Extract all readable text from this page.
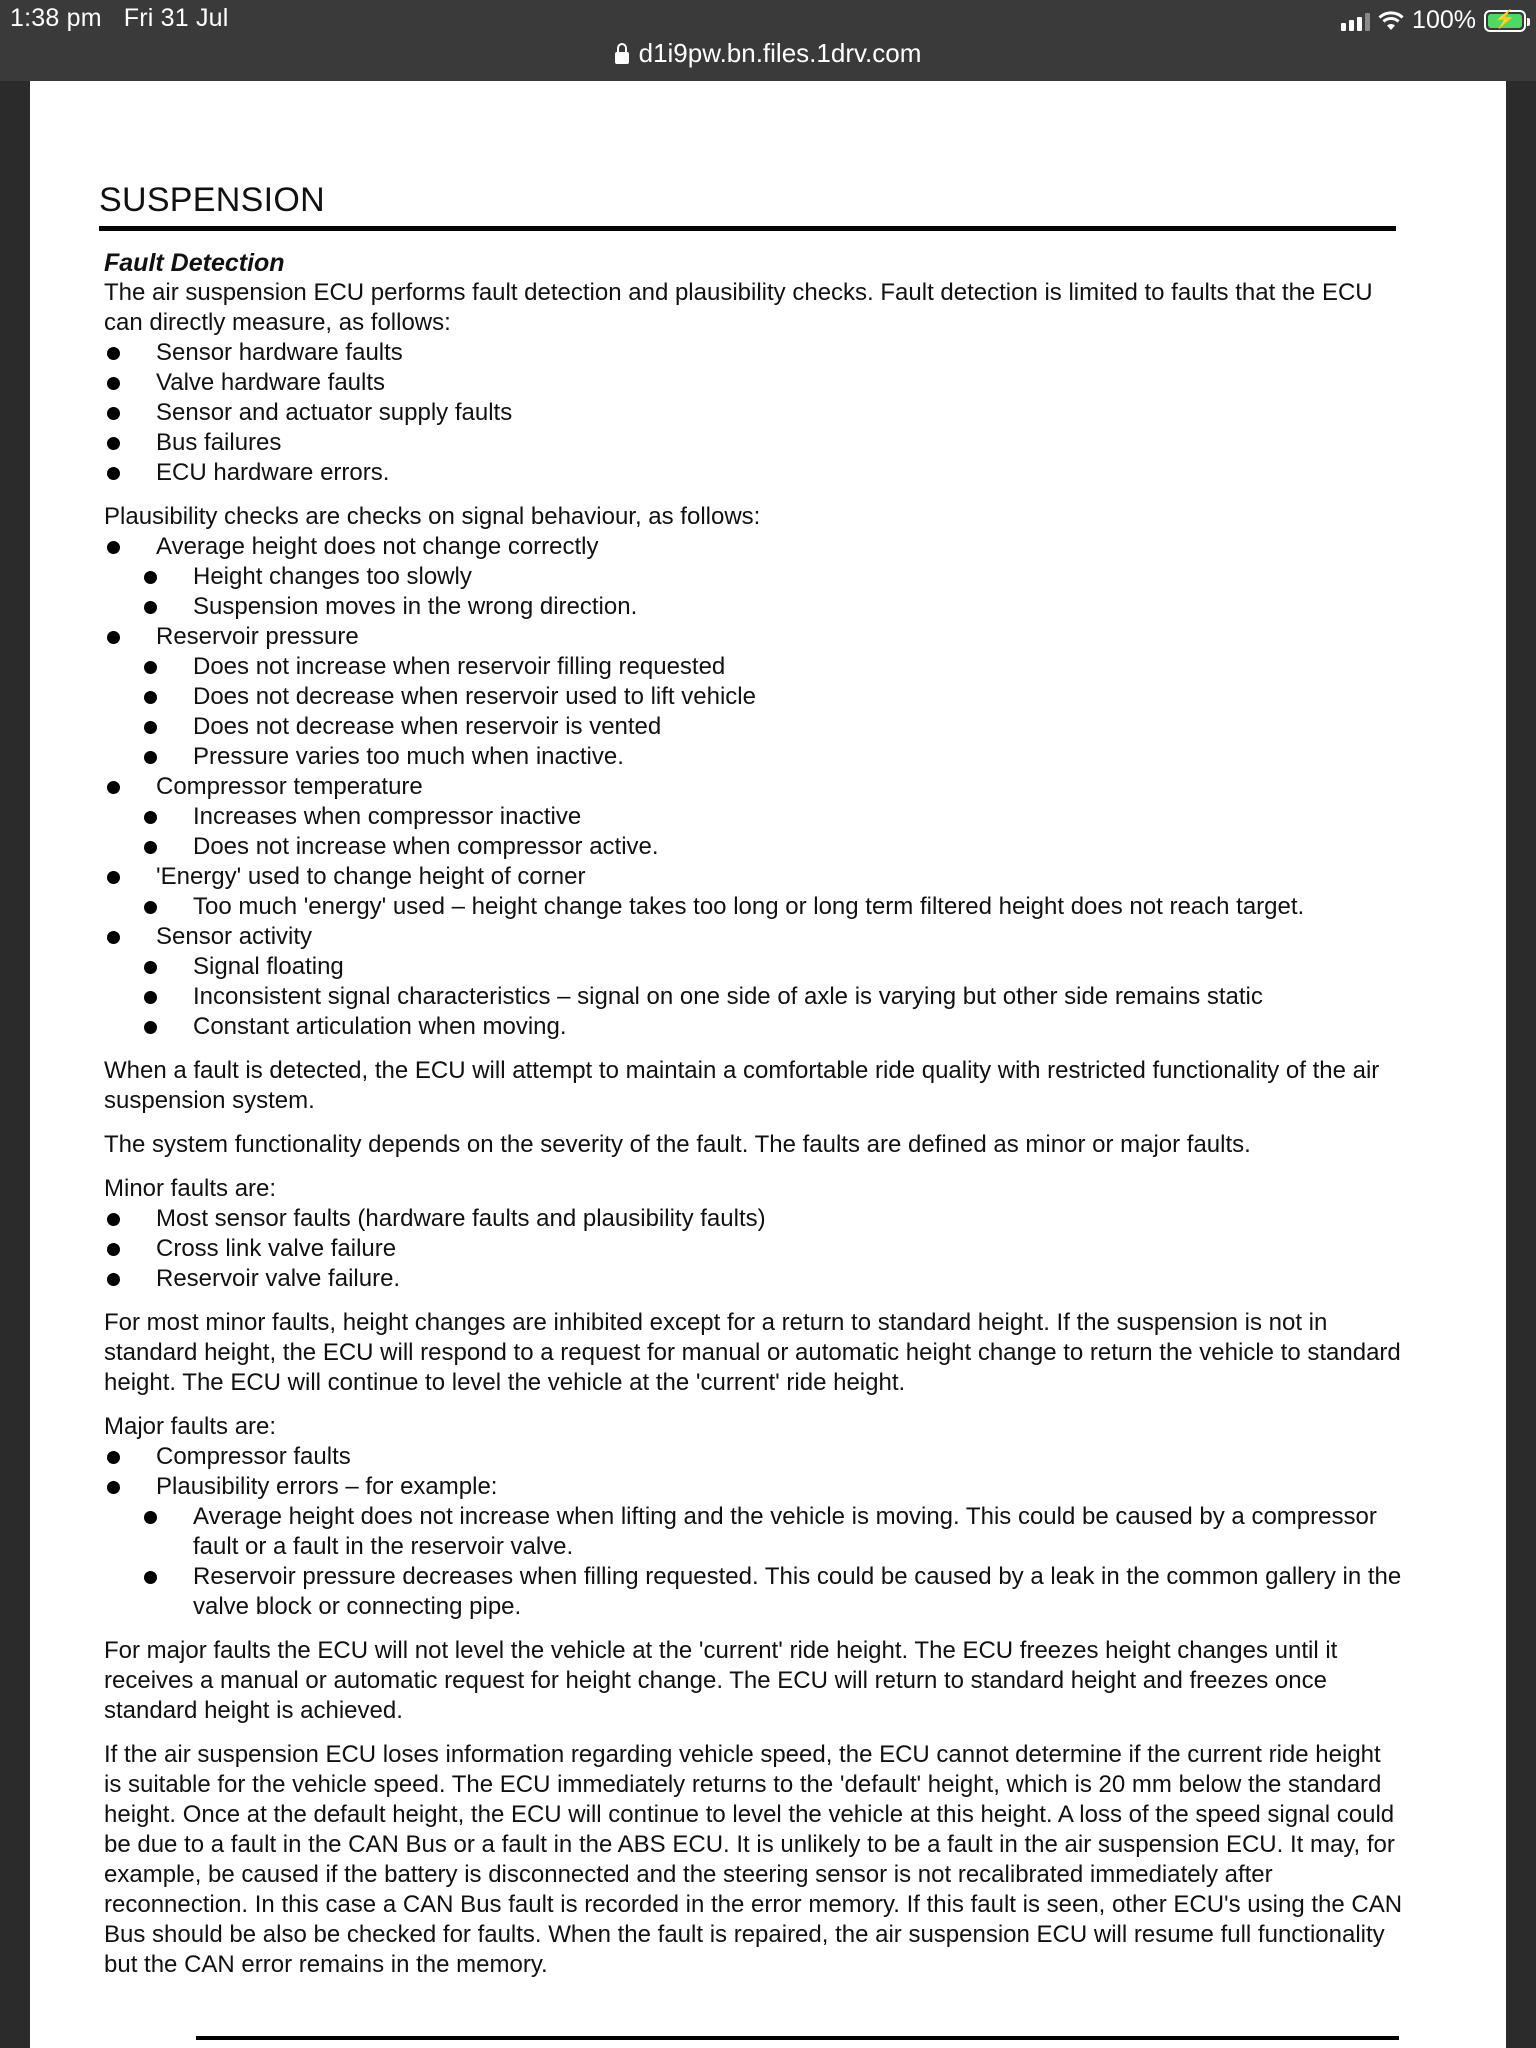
1:38 pm Fri 31 Jul	100% ⚡
d1i9pw.bn.files.1drv.com
SUSPENSION

Fault Detection

The air suspension ECU performs fault detection and plausibility checks. Fault detection is limited to faults that the ECU can directly measure, as follows:

Sensor hardware faults
Valve hardware faults
Sensor and actuator supply faults
Bus failures
ECU hardware errors.

Plausibility checks are checks on signal behaviour, as follows:

Average height does not change correctly
Height changes too slowly
Suspension moves in the wrong direction.
Reservoir pressure
Does not increase when reservoir filling requested
Does not decrease when reservoir used to lift vehicle
Does not decrease when reservoir is vented
Pressure varies too much when inactive.
Compressor temperature
Increases when compressor inactive
Does not increase when compressor active.
'Energy' used to change height of corner
Too much 'energy' used – height change takes too long or long term filtered height does not reach target.
Sensor activity
Signal floating
Inconsistent signal characteristics – signal on one side of axle is varying but other side remains static
Constant articulation when moving.

When a fault is detected, the ECU will attempt to maintain a comfortable ride quality with restricted functionality of the air suspension system.

The system functionality depends on the severity of the fault. The faults are defined as minor or major faults.

Minor faults are:

Most sensor faults (hardware faults and plausibility faults)
Cross link valve failure
Reservoir valve failure.

For most minor faults, height changes are inhibited except for a return to standard height. If the suspension is not in standard height, the ECU will respond to a request for manual or automatic height change to return the vehicle to standard height. The ECU will continue to level the vehicle at the 'current' ride height.

Major faults are:

Compressor faults
Plausibility errors – for example:
Average height does not increase when lifting and the vehicle is moving. This could be caused by a compressor fault or a fault in the reservoir valve.
Reservoir pressure decreases when filling requested. This could be caused by a leak in the common gallery in the valve block or connecting pipe.

For major faults the ECU will not level the vehicle at the 'current' ride height. The ECU freezes height changes until it receives a manual or automatic request for height change. The ECU will return to standard height and freezes once standard height is achieved.

If the air suspension ECU loses information regarding vehicle speed, the ECU cannot determine if the current ride height is suitable for the vehicle speed. The ECU immediately returns to the 'default' height, which is 20 mm below the standard height. Once at the default height, the ECU will continue to level the vehicle at this height. A loss of the speed signal could be due to a fault in the CAN Bus or a fault in the ABS ECU. It is unlikely to be a fault in the air suspension ECU. It may, for example, be caused if the battery is disconnected and the steering sensor is not recalibrated immediately after reconnection. In this case a CAN Bus fault is recorded in the error memory. If this fault is seen, other ECU's using the CAN Bus should be also be checked for faults. When the fault is repaired, the air suspension ECU will resume full functionality but the CAN error remains in the memory.
